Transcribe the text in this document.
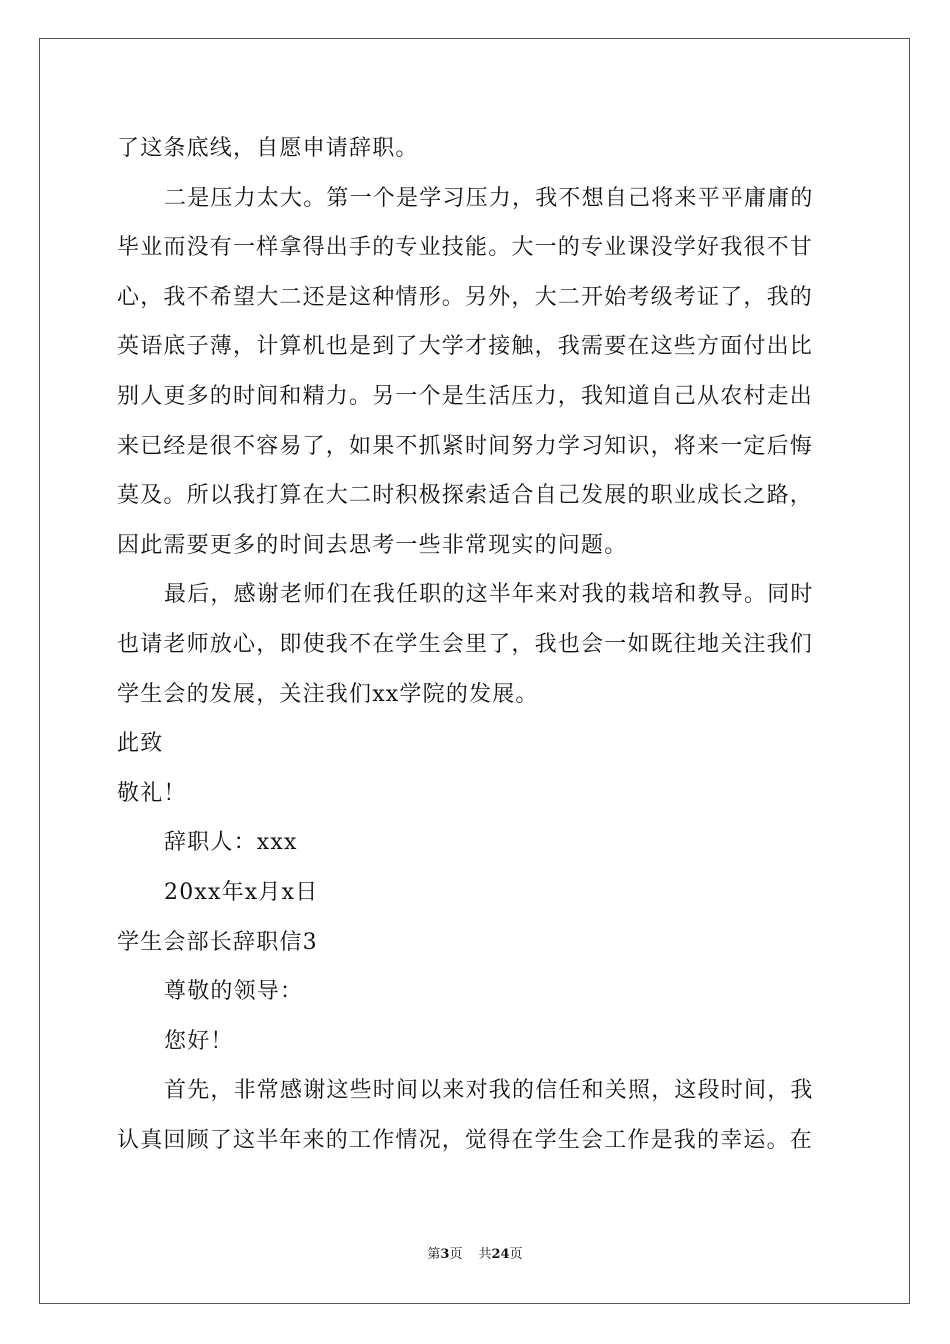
了这条底线，自愿申请辞职。
二是压力太大。第一个是学习压力，我不想自己将来平平庸庸的
毕业而没有一样拿得出手的专业技能。大一的专业课没学好我很不甘
心，我不希望大二还是这种情形。另外，大二开始考级考证了，我的
英语底子薄，计算机也是到了大学才接触，我需要在这些方面付出比
别人更多的时间和精力。另一个是生活压力，我知道自己从农村走出
来已经是很不容易了，如果不抓紧时间努力学习知识，将来一定后悔
莫及。所以我打算在大二时积极探索适合自己发展的职业成长之路，
因此需要更多的时间去思考一些非常现实的问题。
最后，感谢老师们在我任职的这半年来对我的栽培和教导。同时
也请老师放心，即使我不在学生会里了，我也会一如既往地关注我们
学生会的发展，关注我们xx学院的发展。
此致
敬礼！
辞职人：xxx
20xx年x月x日
学生会部长辞职信3
尊敬的领导：
您好！
首先，非常感谢这些时间以来对我的信任和关照，这段时间，我
认真回顾了这半年来的工作情况，觉得在学生会工作是我的幸运。在
第3页 共24页
